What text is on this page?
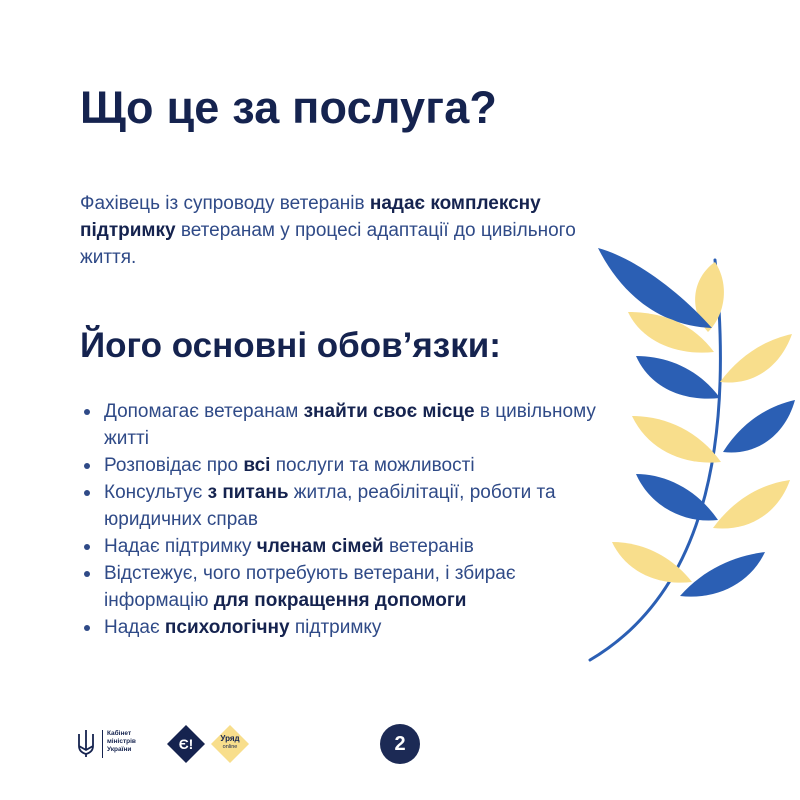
Що це за послуга?

Фахівець із супроводу ветеранів надає комплексну підтримку ветеранам у процесі адаптації до цивільного життя.

Його основні обов’язки:
Допомагає ветеранам знайти своє місце в цивільному житті
Розповідає про всі послуги та можливості
Консультує з питань житла, реабілітації, роботи та юридичних справ
Надає підтримку членам сімей ветеранів
Відстежує, чого потребують ветерани, і збирає інформацію для покращення допомоги
Надає психологічну підтримку
Кабінет
міністрів
України	Є!	Уряд
online	2
